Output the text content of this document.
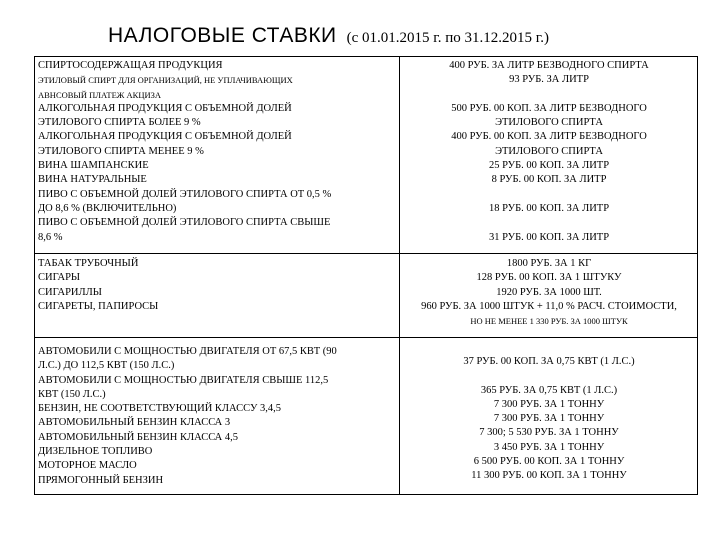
НАЛОГОВЫЕ СТАВКИ (с 01.01.2015 г. по 31.12.2015 г.)
СПИРТОСОДЕРЖАЩАЯ ПРОДУКЦИЯ
ЭТИЛОВЫЙ СПИРТ ДЛЯ ОРГАНИЗАЦИЙ, НЕ УПЛАЧИВАЮЩИХ
АВНСОВЫЙ ПЛАТЕЖ АКЦИЗА
АЛКОГОЛЬНАЯ ПРОДУКЦИЯ С ОБЪЕМНОЙ ДОЛЕЙ
ЭТИЛОВОГО СПИРТА БОЛЕЕ 9 %
АЛКОГОЛЬНАЯ ПРОДУКЦИЯ С ОБЪЕМНОЙ ДОЛЕЙ
ЭТИЛОВОГО СПИРТА МЕНЕЕ 9 %
ВИНА ШАМПАНСКИЕ
ВИНА НАТУРАЛЬНЫЕ
ПИВО С ОБЪЕМНОЙ ДОЛЕЙ ЭТИЛОВОГО СПИРТА ОТ 0,5 %
ДО 8,6 % (ВКЛЮЧИТЕЛЬНО)
ПИВО С ОБЪЕМНОЙ ДОЛЕЙ ЭТИЛОВОГО СПИРТА СВЫШЕ
8,6 %
400 РУБ. ЗА ЛИТР БЕЗВОДНОГО СПИРТА
93 РУБ. ЗА ЛИТР

500 РУБ. 00 КОП. ЗА ЛИТР БЕЗВОДНОГО
ЭТИЛОВОГО СПИРТА
400 РУБ. 00 КОП. ЗА ЛИТР БЕЗВОДНОГО
ЭТИЛОВОГО СПИРТА
25 РУБ. 00 КОП. ЗА ЛИТР
8 РУБ. 00 КОП. ЗА ЛИТР

18 РУБ. 00 КОП. ЗА ЛИТР

31 РУБ. 00 КОП. ЗА ЛИТР
ТАБАК ТРУБОЧНЫЙ
СИГАРЫ
СИГАРИЛЛЫ
СИГАРЕТЫ, ПАПИРОСЫ
1800 РУБ. ЗА 1 КГ
128 РУБ. 00 КОП. ЗА 1 ШТУКУ
1920 РУБ. ЗА 1000 ШТ.
960 РУБ. ЗА 1000 ШТУК + 11,0 % РАСЧ. СТОИМОСТИ,
НО НЕ МЕНЕЕ 1 330 РУБ. ЗА 1000 ШТУК
АВТОМОБИЛИ С МОЩНОСТЬЮ ДВИГАТЕЛЯ ОТ 67,5 КВТ (90
Л.С.) ДО 112,5 КВТ (150 Л.С.)
АВТОМОБИЛИ С МОЩНОСТЬЮ ДВИГАТЕЛЯ СВЫШЕ 112,5
КВТ (150 Л.С.)
БЕНЗИН, НЕ СООТВЕТСТВУЮЩИЙ КЛАССУ 3,4,5
АВТОМОБИЛЬНЫЙ БЕНЗИН КЛАССА 3
АВТОМОБИЛЬНЫЙ БЕНЗИН КЛАССА 4,5
ДИЗЕЛЬНОЕ ТОПЛИВО
МОТОРНОЕ МАСЛО
ПРЯМОГОННЫЙ БЕНЗИН
37 РУБ. 00 КОП. ЗА 0,75 КВТ (1 Л.С.)

365 РУБ. ЗА 0,75 КВТ (1 Л.С.)
7 300 РУБ. ЗА 1 ТОННУ
7 300 РУБ. ЗА 1 ТОННУ
7 300; 5 530 РУБ. ЗА 1 ТОННУ
3 450 РУБ. ЗА 1 ТОННУ
6 500 РУБ. 00 КОП. ЗА 1 ТОННУ
11 300 РУБ. 00 КОП. ЗА 1 ТОННУ
